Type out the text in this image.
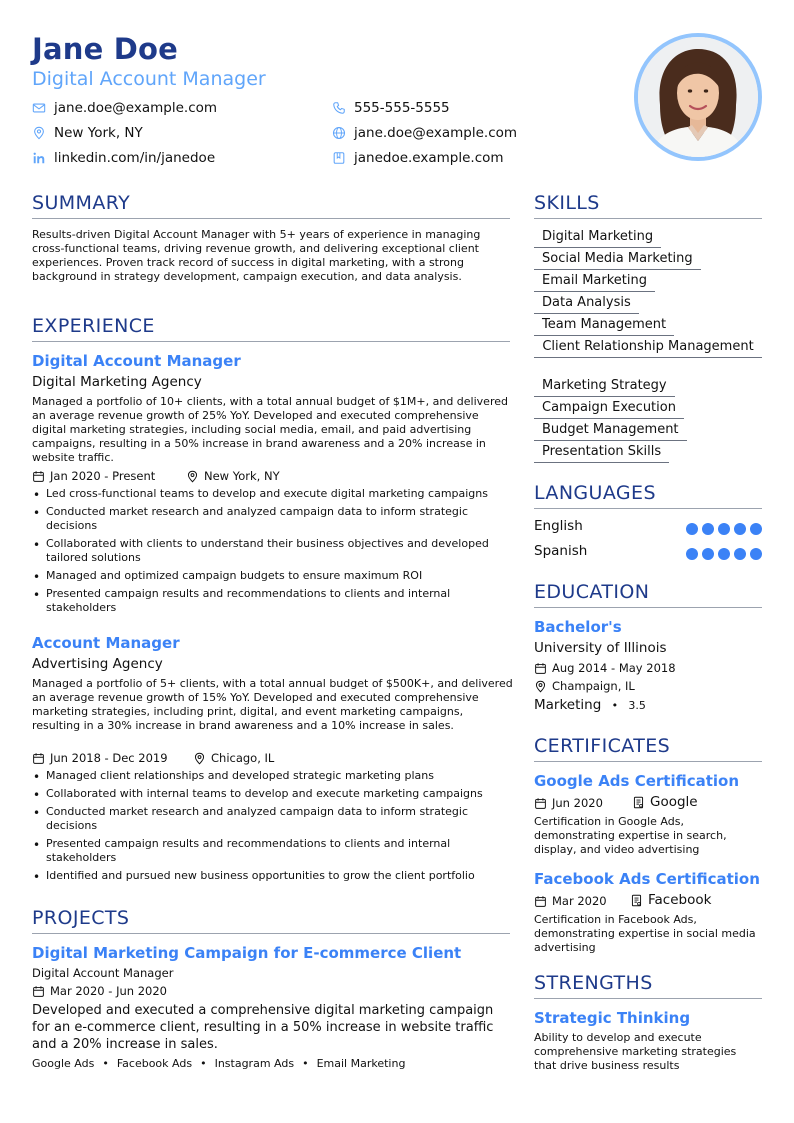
Jane Doe
Digital Account Manager
jane.doe@example.com	555-555-5555
New York, NY	jane.doe@example.com
linkedin.com/in/janedoe	janedoe.example.com
SUMMARY
Results-driven Digital Account Manager with 5+ years of experience in managing cross-functional teams, driving revenue growth, and delivering exceptional client experiences. Proven track record of success in digital marketing, with a strong background in strategy development, campaign execution, and data analysis.
EXPERIENCE
Digital Account Manager
Digital Marketing Agency
Managed a portfolio of 10+ clients, with a total annual budget of $1M+, and delivered an average revenue growth of 25% YoY. Developed and executed comprehensive digital marketing strategies, including social media, email, and paid advertising campaigns, resulting in a 50% increase in brand awareness and a 20% increase in website traffic.
Jan 2020 - Present	New York, NY
• Led cross-functional teams to develop and execute digital marketing campaigns
• Conducted market research and analyzed campaign data to inform strategic decisions
• Collaborated with clients to understand their business objectives and developed tailored solutions
• Managed and optimized campaign budgets to ensure maximum ROI
• Presented campaign results and recommendations to clients and internal stakeholders
Account Manager
Advertising Agency
Managed a portfolio of 5+ clients, with a total annual budget of $500K+, and delivered an average revenue growth of 15% YoY. Developed and executed comprehensive marketing strategies, including print, digital, and event marketing campaigns, resulting in a 30% increase in brand awareness and a 10% increase in sales.
Jun 2018 - Dec 2019	Chicago, IL
• Managed client relationships and developed strategic marketing plans
• Collaborated with internal teams to develop and execute marketing campaigns
• Conducted market research and analyzed campaign data to inform strategic decisions
• Presented campaign results and recommendations to clients and internal stakeholders
• Identified and pursued new business opportunities to grow the client portfolio
PROJECTS
Digital Marketing Campaign for E-commerce Client
Digital Account Manager
Mar 2020 - Jun 2020
Developed and executed a comprehensive digital marketing campaign for an e-commerce client, resulting in a 50% increase in website traffic and a 20% increase in sales.
Google Ads • Facebook Ads • Instagram Ads • Email Marketing
SKILLS
Digital Marketing
Social Media Marketing
Email Marketing
Data Analysis
Team Management
Client Relationship Management
Marketing Strategy
Campaign Execution
Budget Management
Presentation Skills
LANGUAGES
English
Spanish
EDUCATION
Bachelor's
University of Illinois
Aug 2014 - May 2018
Champaign, IL
Marketing • 3.5
CERTIFICATES
Google Ads Certification
Jun 2020	Google
Certification in Google Ads, demonstrating expertise in search, display, and video advertising
Facebook Ads Certification
Mar 2020	Facebook
Certification in Facebook Ads, demonstrating expertise in social media advertising
STRENGTHS
Strategic Thinking
Ability to develop and execute comprehensive marketing strategies that drive business results
